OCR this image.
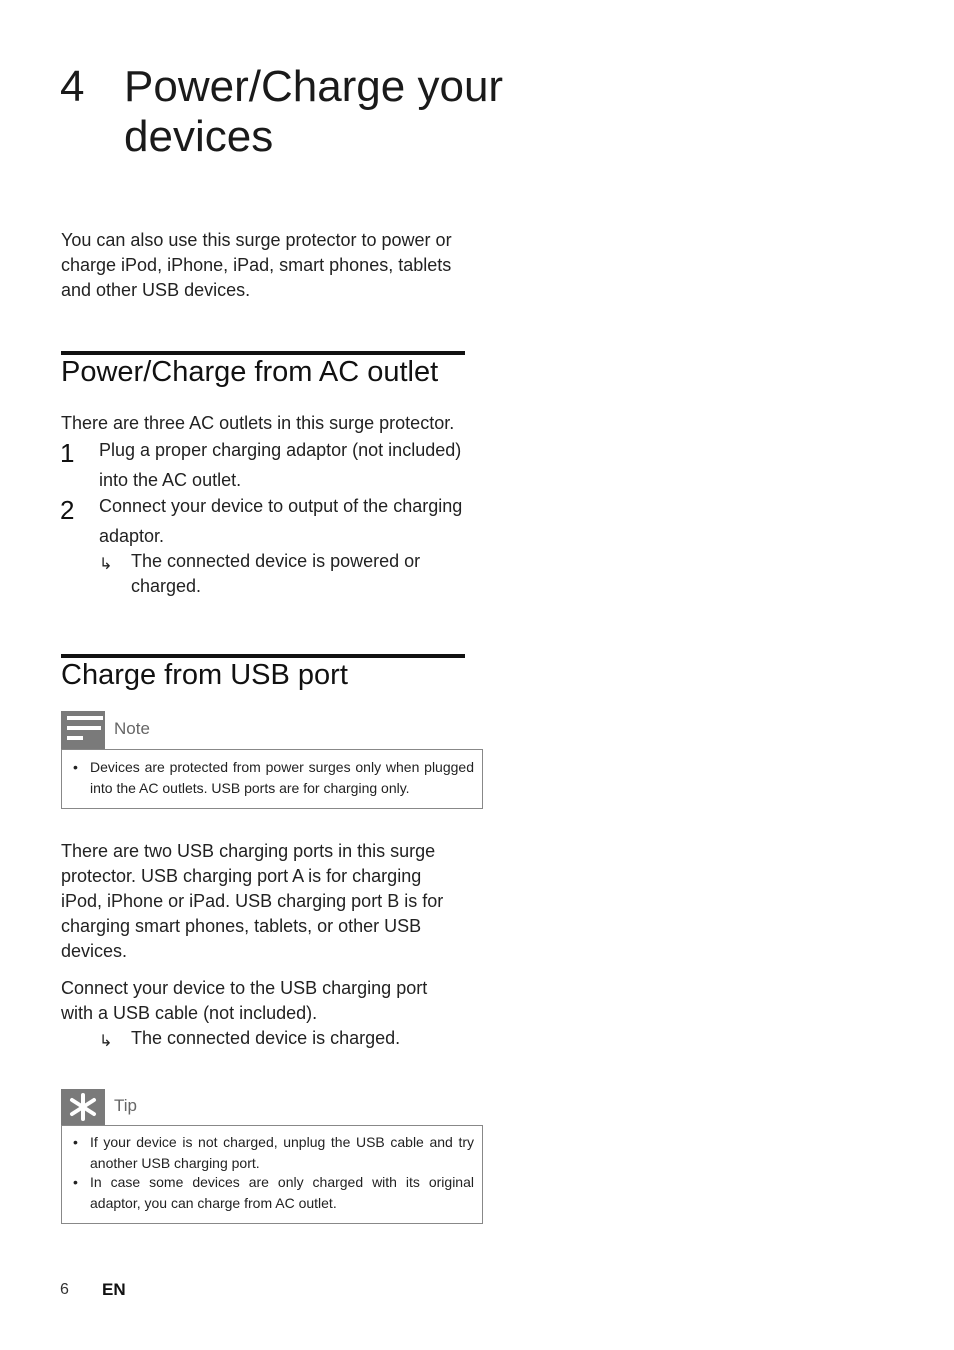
4 Power/Charge your devices
You can also use this surge protector to power or charge iPod, iPhone, iPad, smart phones, tablets and other USB devices.
Power/Charge from AC outlet
There are three AC outlets in this surge protector.
1 Plug a proper charging adaptor (not included) into the AC outlet.
2 Connect your device to output of the charging adaptor.
↳ The connected device is powered or charged.
Charge from USB port
Note
• Devices are protected from power surges only when plugged into the AC outlets. USB ports are for charging only.
There are two USB charging ports in this surge protector. USB charging port A is for charging iPod, iPhone or iPad. USB charging port B is for charging smart phones, tablets, or other USB devices.
Connect your device to the USB charging port with a USB cable (not included).
↳ The connected device is charged.
Tip
• If your device is not charged, unplug the USB cable and try another USB charging port.
• In case some devices are only charged with its original adaptor, you can charge from AC outlet.
6 EN
